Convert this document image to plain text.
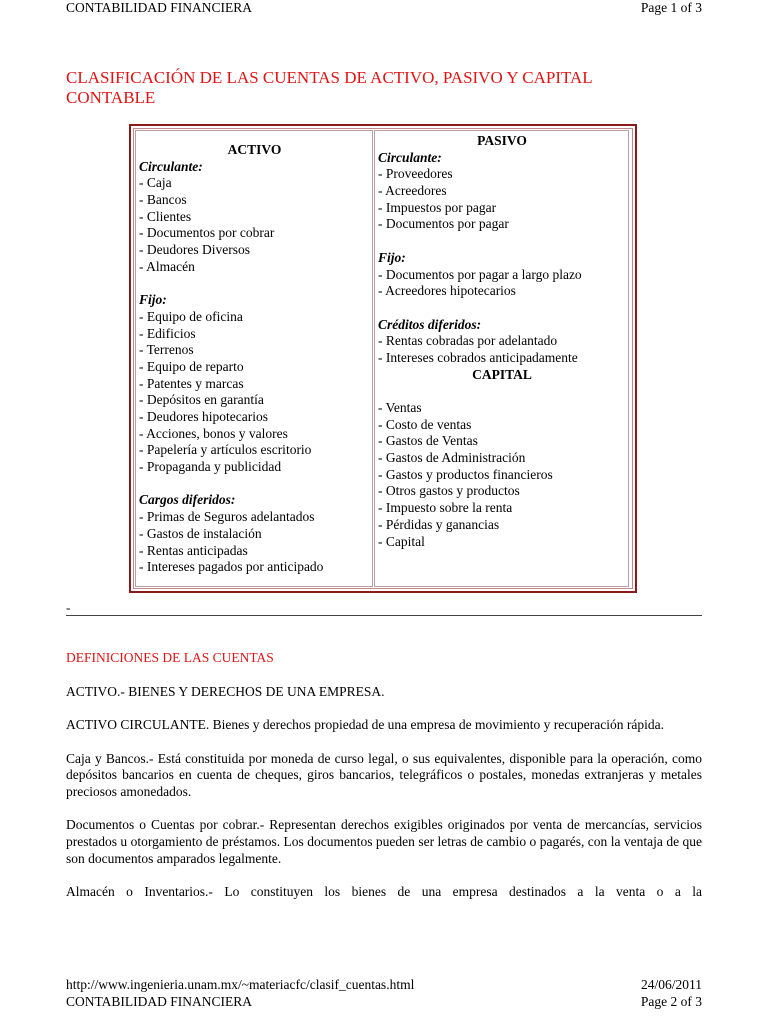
CONTABILIDAD FINANCIERA	Page 1 of 3
CLASIFICACIÓN DE LAS CUENTAS DE ACTIVO, PASIVO Y CAPITAL CONTABLE
ACTIVO
Circulante:
- Caja
- Bancos
- Clientes
- Documentos por cobrar
- Deudores Diversos
- Almacén
Fijo:
- Equipo de oficina
- Edificios
- Terrenos
- Equipo de reparto
- Patentes y marcas
- Depósitos en garantía
- Deudores hipotecarios
- Acciones, bonos y valores
- Papelería y artículos escritorio
- Propaganda y publicidad
Cargos diferidos:
- Primas de Seguros adelantados
- Gastos de instalación
- Rentas anticipadas
- Intereses pagados por anticipado
PASIVO
Circulante:
- Proveedores
- Acreedores
- Impuestos por pagar
- Documentos por pagar
Fijo:
- Documentos por pagar a largo plazo
- Acreedores hipotecarios
Créditos diferidos:
- Rentas cobradas por adelantado
- Intereses cobrados anticipadamente
CAPITAL
- Ventas
- Costo de ventas
- Gastos de Ventas
- Gastos de Administración
- Gastos y productos financieros
- Otros gastos y productos
- Impuesto sobre la renta
- Pérdidas y ganancias
- Capital
-

DEFINICIONES DE LAS CUENTAS

ACTIVO.- BIENES Y DERECHOS DE UNA EMPRESA.

ACTIVO CIRCULANTE. Bienes y derechos propiedad de una empresa de movimiento y recuperación rápida.

Caja y Bancos.- Está constituida por moneda de curso legal, o sus equivalentes, disponible para la operación, como depósitos bancarios en cuenta de cheques, giros bancarios, telegráficos o postales, monedas extranjeras y metales preciosos amonedados.

Documentos o Cuentas por cobrar.- Representan derechos exigibles originados por venta de mercancías, servicios prestados u otorgamiento de préstamos. Los documentos pueden ser letras de cambio o pagarés, con la ventaja de que son documentos amparados legalmente.

Almacén o Inventarios.- Lo constituyen los bienes de una empresa destinados a la venta o a la

http://www.ingenieria.unam.mx/~materiacfc/clasif_cuentas.html	24/06/2011
CONTABILIDAD FINANCIERA	Page 2 of 3
